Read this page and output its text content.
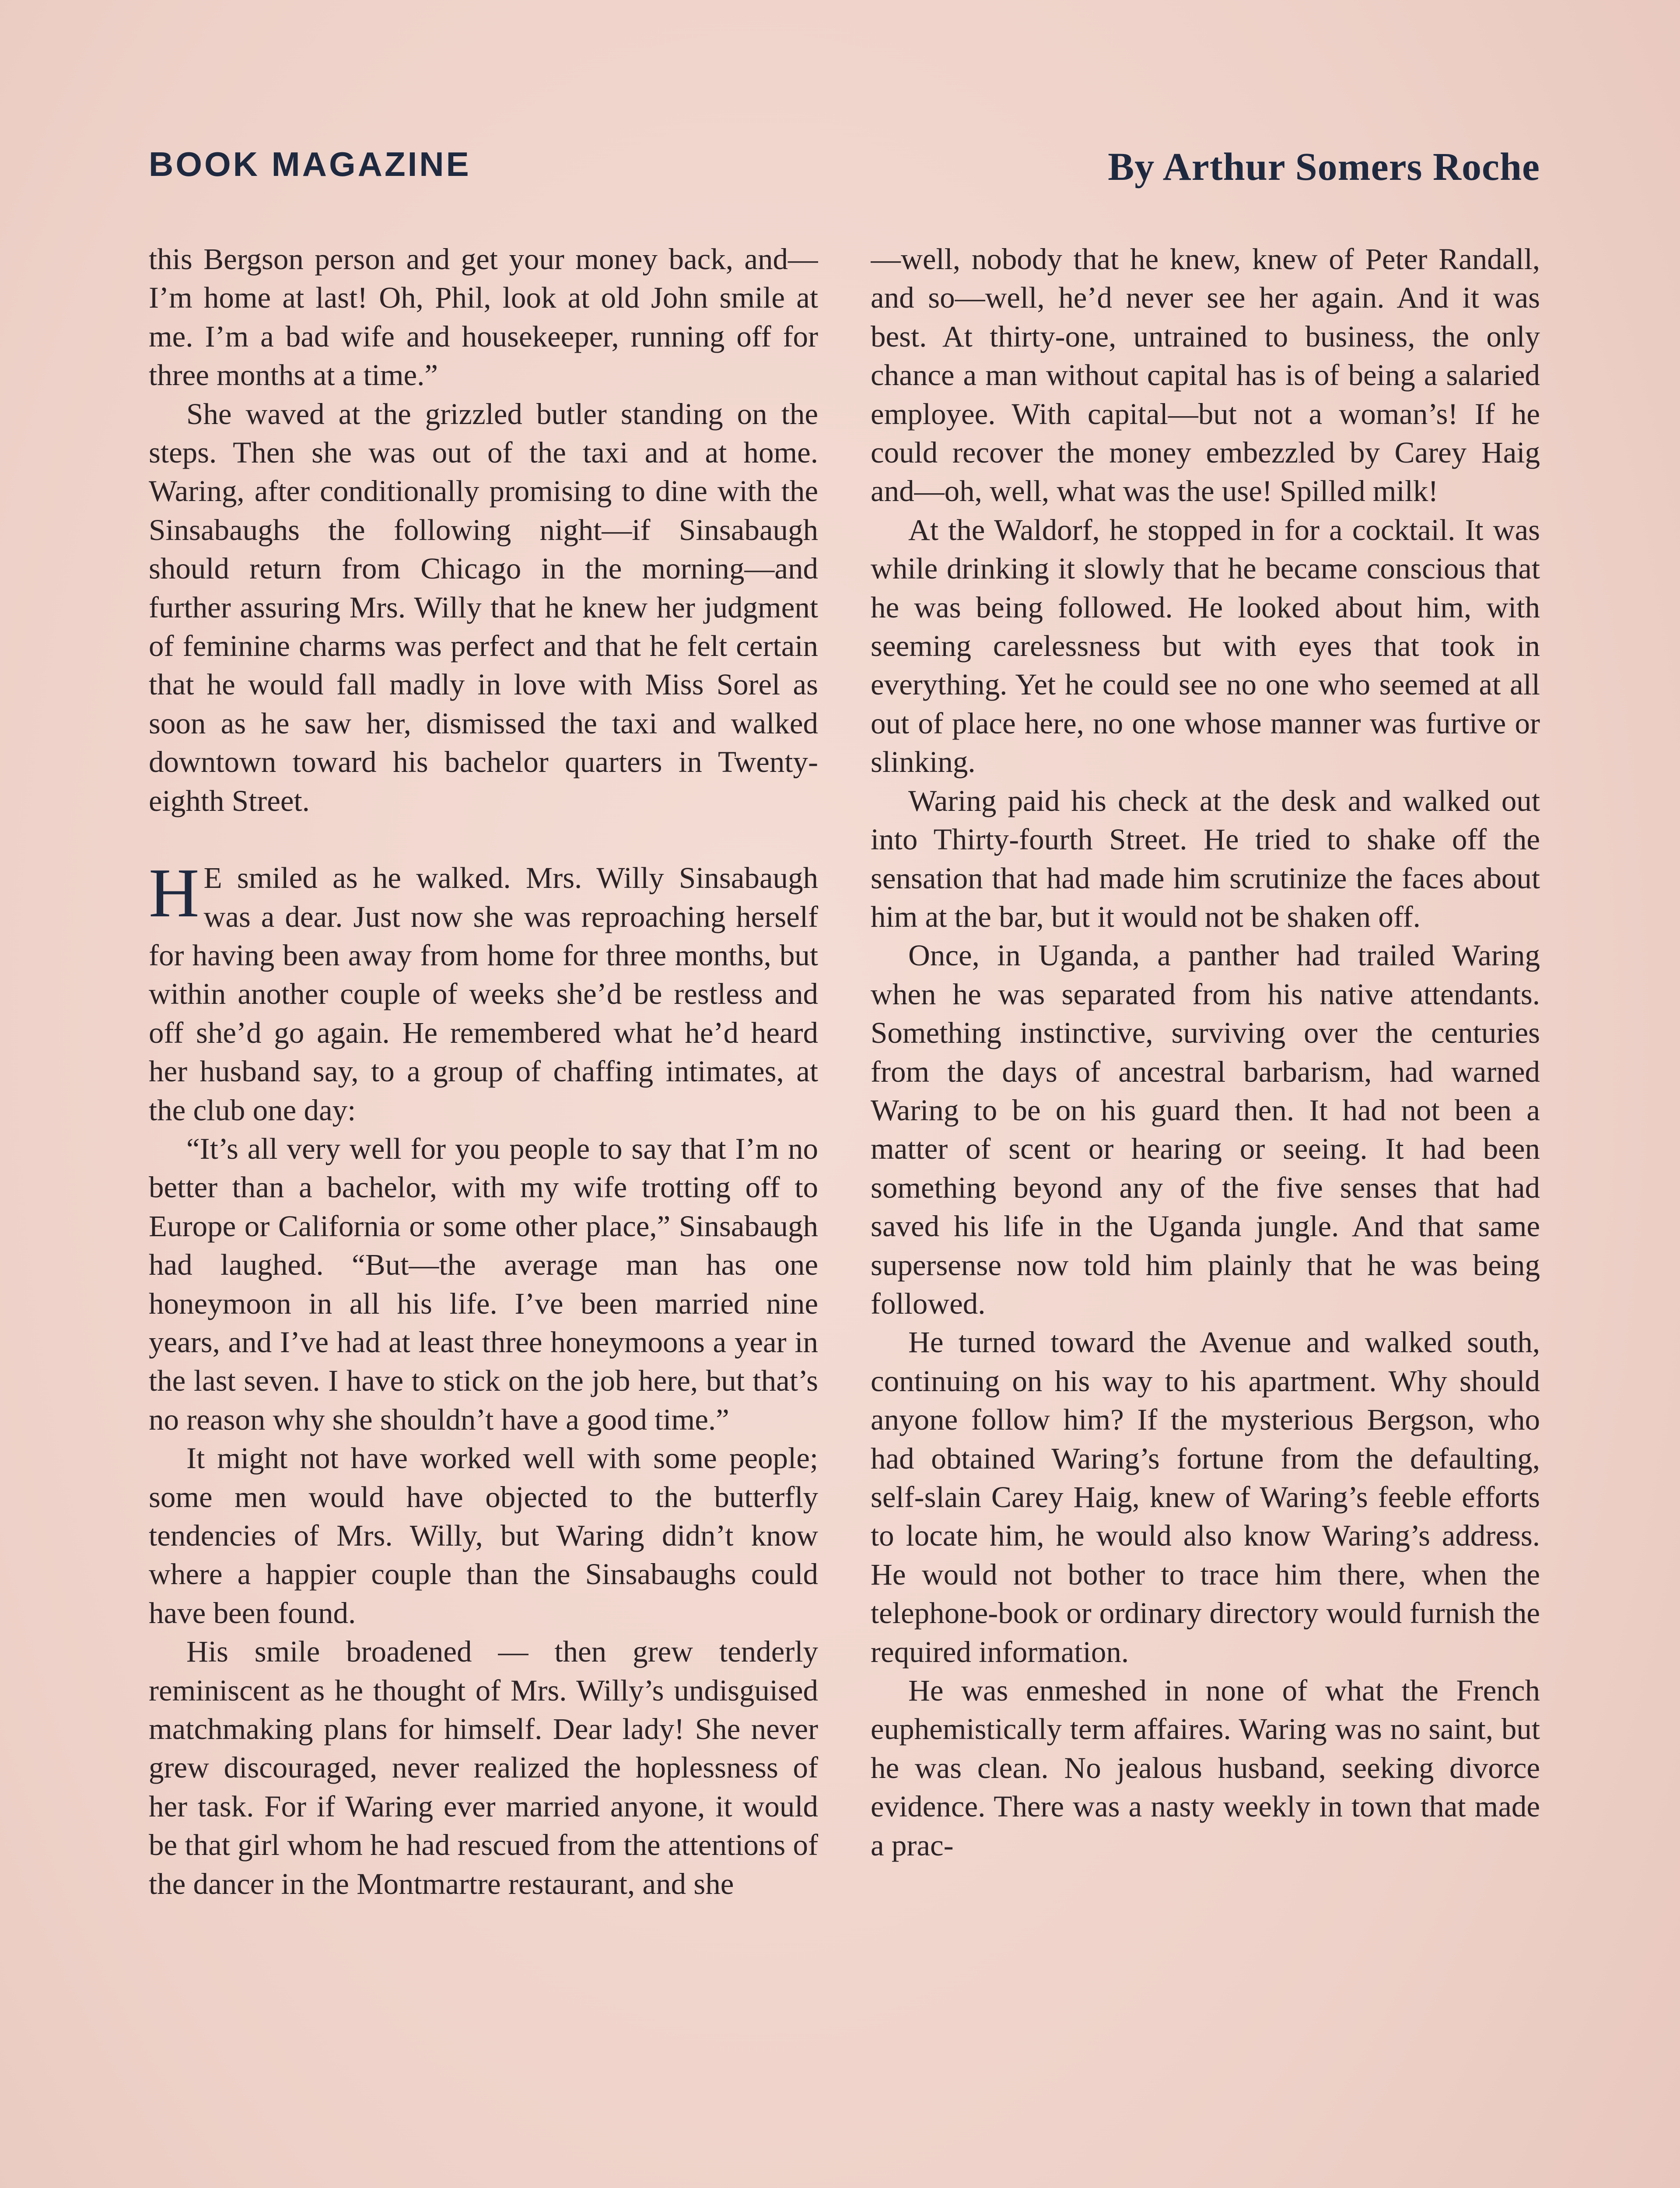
BOOK MAGAZINE	By Arthur Somers Roche

this Bergson person and get your money back, and—I’m home at last! Oh, Phil, look at old John smile at me. I’m a bad wife and housekeeper, running off for three months at a time.”

She waved at the grizzled butler standing on the steps. Then she was out of the taxi and at home. Waring, after conditionally promising to dine with the Sinsabaughs the following night—if Sinsabaugh should return from Chicago in the morning—and further assuring Mrs. Willy that he knew her judgment of feminine charms was perfect and that he felt certain that he would fall madly in love with Miss Sorel as soon as he saw her, dismissed the taxi and walked downtown toward his bachelor quarters in Twenty-eighth Street.

H E smiled as he walked. Mrs. Willy Sinsabaugh was a dear. Just now she was reproaching herself for having been away from home for three months, but within another couple of weeks she’d be restless and off she’d go again. He remembered what he’d heard her husband say, to a group of chaffing intimates, at the club one day:

“It’s all very well for you people to say that I’m no better than a bachelor, with my wife trotting off to Europe or California or some other place,” Sinsabaugh had laughed. “But—the average man has one honeymoon in all his life. I’ve been married nine years, and I’ve had at least three honeymoons a year in the last seven. I have to stick on the job here, but that’s no reason why she shouldn’t have a good time.”

It might not have worked well with some people; some men would have objected to the butterfly tendencies of Mrs. Willy, but Waring didn’t know where a happier couple than the Sinsabaughs could have been found.

His smile broadened — then grew tenderly reminiscent as he thought of Mrs. Willy’s undisguised matchmaking plans for himself. Dear lady! She never grew discouraged, never realized the hoplessness of her task. For if Waring ever married anyone, it would be that girl whom he had rescued from the attentions of the dancer in the Montmartre restaurant, and she

—well, nobody that he knew, knew of Peter Randall, and so—well, he’d never see her again. And it was best. At thirty-one, untrained to business, the only chance a man without capital has is of being a salaried employee. With capital—but not a woman’s! If he could recover the money embezzled by Carey Haig and—oh, well, what was the use! Spilled milk!

At the Waldorf, he stopped in for a cocktail. It was while drinking it slowly that he became conscious that he was being followed. He looked about him, with seeming carelessness but with eyes that took in everything. Yet he could see no one who seemed at all out of place here, no one whose manner was furtive or slinking.

Waring paid his check at the desk and walked out into Thirty-fourth Street. He tried to shake off the sensation that had made him scrutinize the faces about him at the bar, but it would not be shaken off.

Once, in Uganda, a panther had trailed Waring when he was separated from his native attendants. Something instinctive, surviving over the centuries from the days of ancestral barbarism, had warned Waring to be on his guard then. It had not been a matter of scent or hearing or seeing. It had been something beyond any of the five senses that had saved his life in the Uganda jungle. And that same supersense now told him plainly that he was being followed.

He turned toward the Avenue and walked south, continuing on his way to his apartment. Why should anyone follow him? If the mysterious Bergson, who had obtained Waring’s fortune from the defaulting, self-slain Carey Haig, knew of Waring’s feeble efforts to locate him, he would also know Waring’s address. He would not bother to trace him there, when the telephone-book or ordinary directory would furnish the required information.

He was enmeshed in none of what the French euphemistically term affaires. Waring was no saint, but he was clean. No jealous husband, seeking divorce evidence. There was a nasty weekly in town that made a prac-
